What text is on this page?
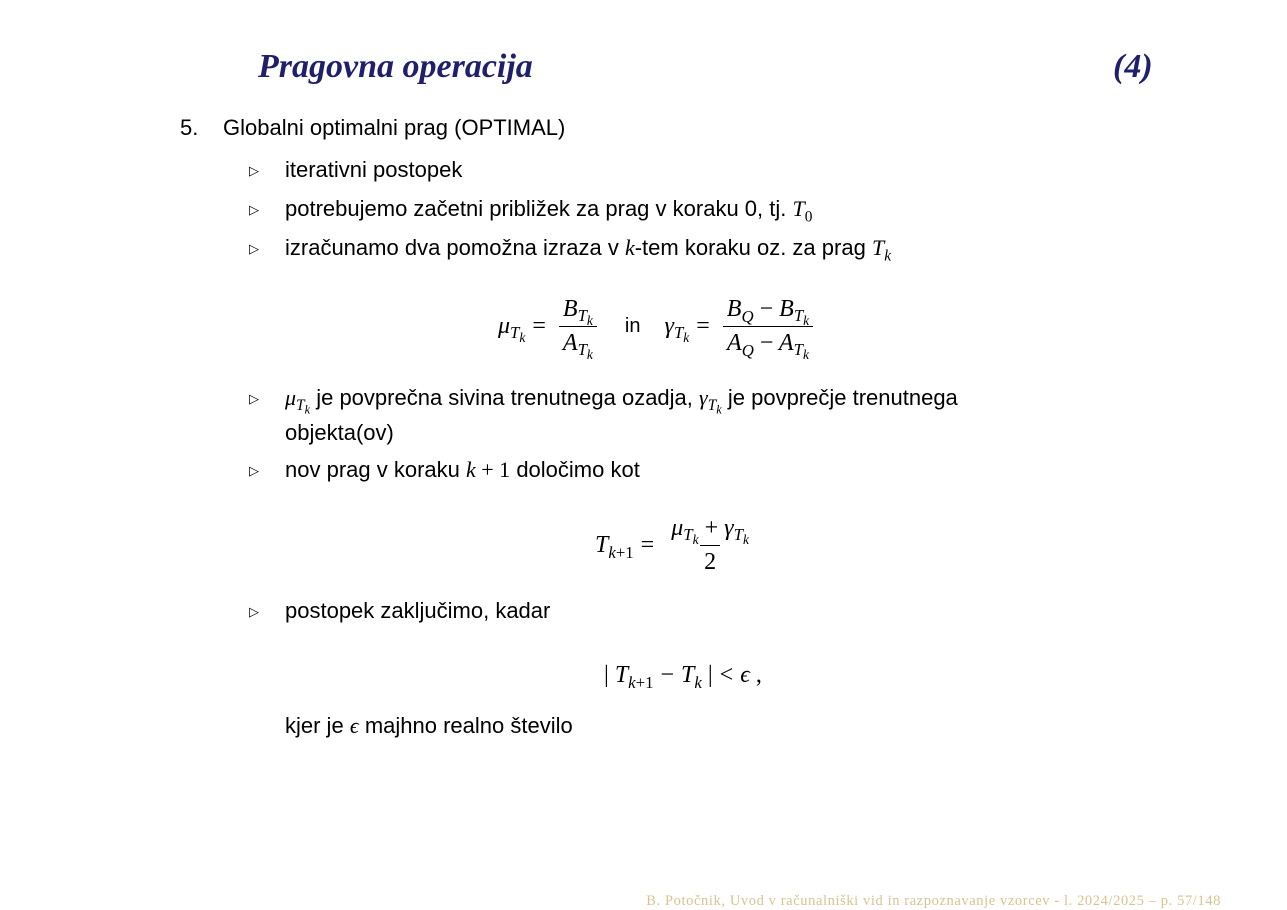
Pragovna operacija	(4)
5. Globalni optimalni prag (OPTIMAL)
▷ iterativni postopek
▷ potrebujemo začetni približek za prag v koraku 0, tj. $T_0$
▷ izračunamo dva pomožna izraza v k-tem koraku oz. za prag $T_k$
$\mu_{T_k} = \frac{B_{T_k}}{A_{T_k}}$ in $\gamma_{T_k} = \frac{B_Q - B_{T_k}}{A_Q - A_{T_k}}$
▷ $\mu_{T_k}$ je povprečna sivina trenutnega ozadja, $\gamma_{T_k}$ je povprečje trenutnega
objekta(ov)
▷ nov prag v koraku k + 1 določimo kot
$T_{k+1} = \frac{\mu_{T_k} + \gamma_{T_k}}{2}$
▷ postopek zaključimo, kadar
|
$T_{k+1} - T_k$
| < ϵ ,
kjer je ϵ majhno realno število
B. Potočnik, Uvod v računalniški vid in razpoznavanje vzorcev - l. 2024/2025 – p. 57/148
